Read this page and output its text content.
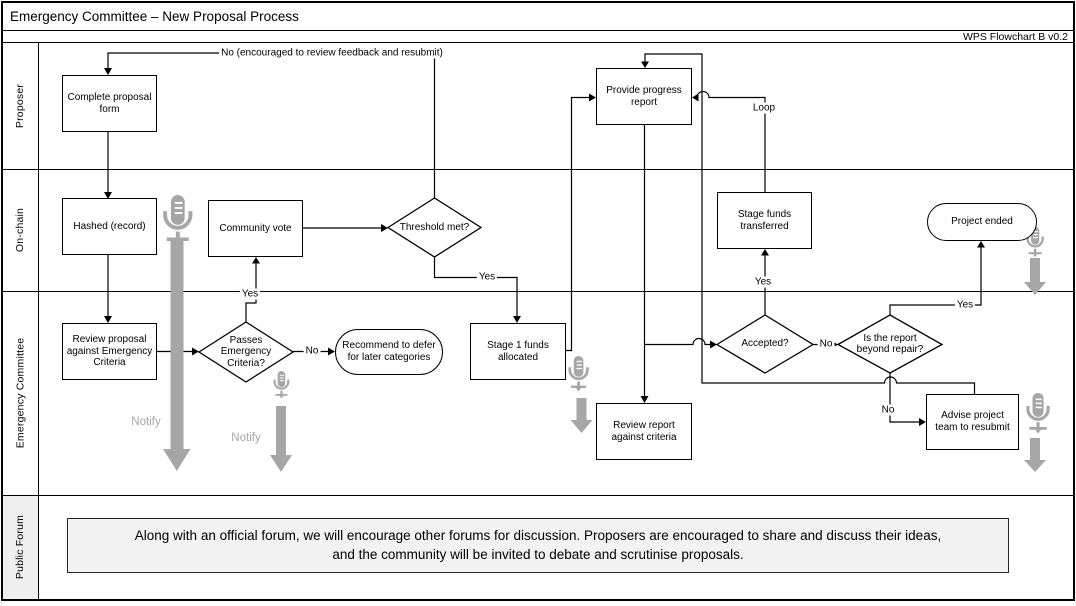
Emergency Committee – New Proposal Process
WPS Flowchart B v0.2
Proposer
On-chain
Emergency Committee
Public Forum
Complete proposal form
Hashed (record)
Review proposal against Emergency Criteria
Community vote
Stage 1 funds allocated
Provide progress report
Review report against criteria
Stage funds transferred
Advise project team to resubmit
Recommend to defer for later categories
Project ended
Passes Emergency Criteria?
Threshold met?
Accepted?
Is the report beyond repair?
No (encouraged to review feedback and resubmit)
Yes
No
Yes
Loop
Yes
No
Yes
No
Notify
Notify
Along with an official forum, we will encourage other forums for discussion. Proposers are encouraged to share and discuss their ideas, and the community will be invited to debate and scrutinise proposals.
